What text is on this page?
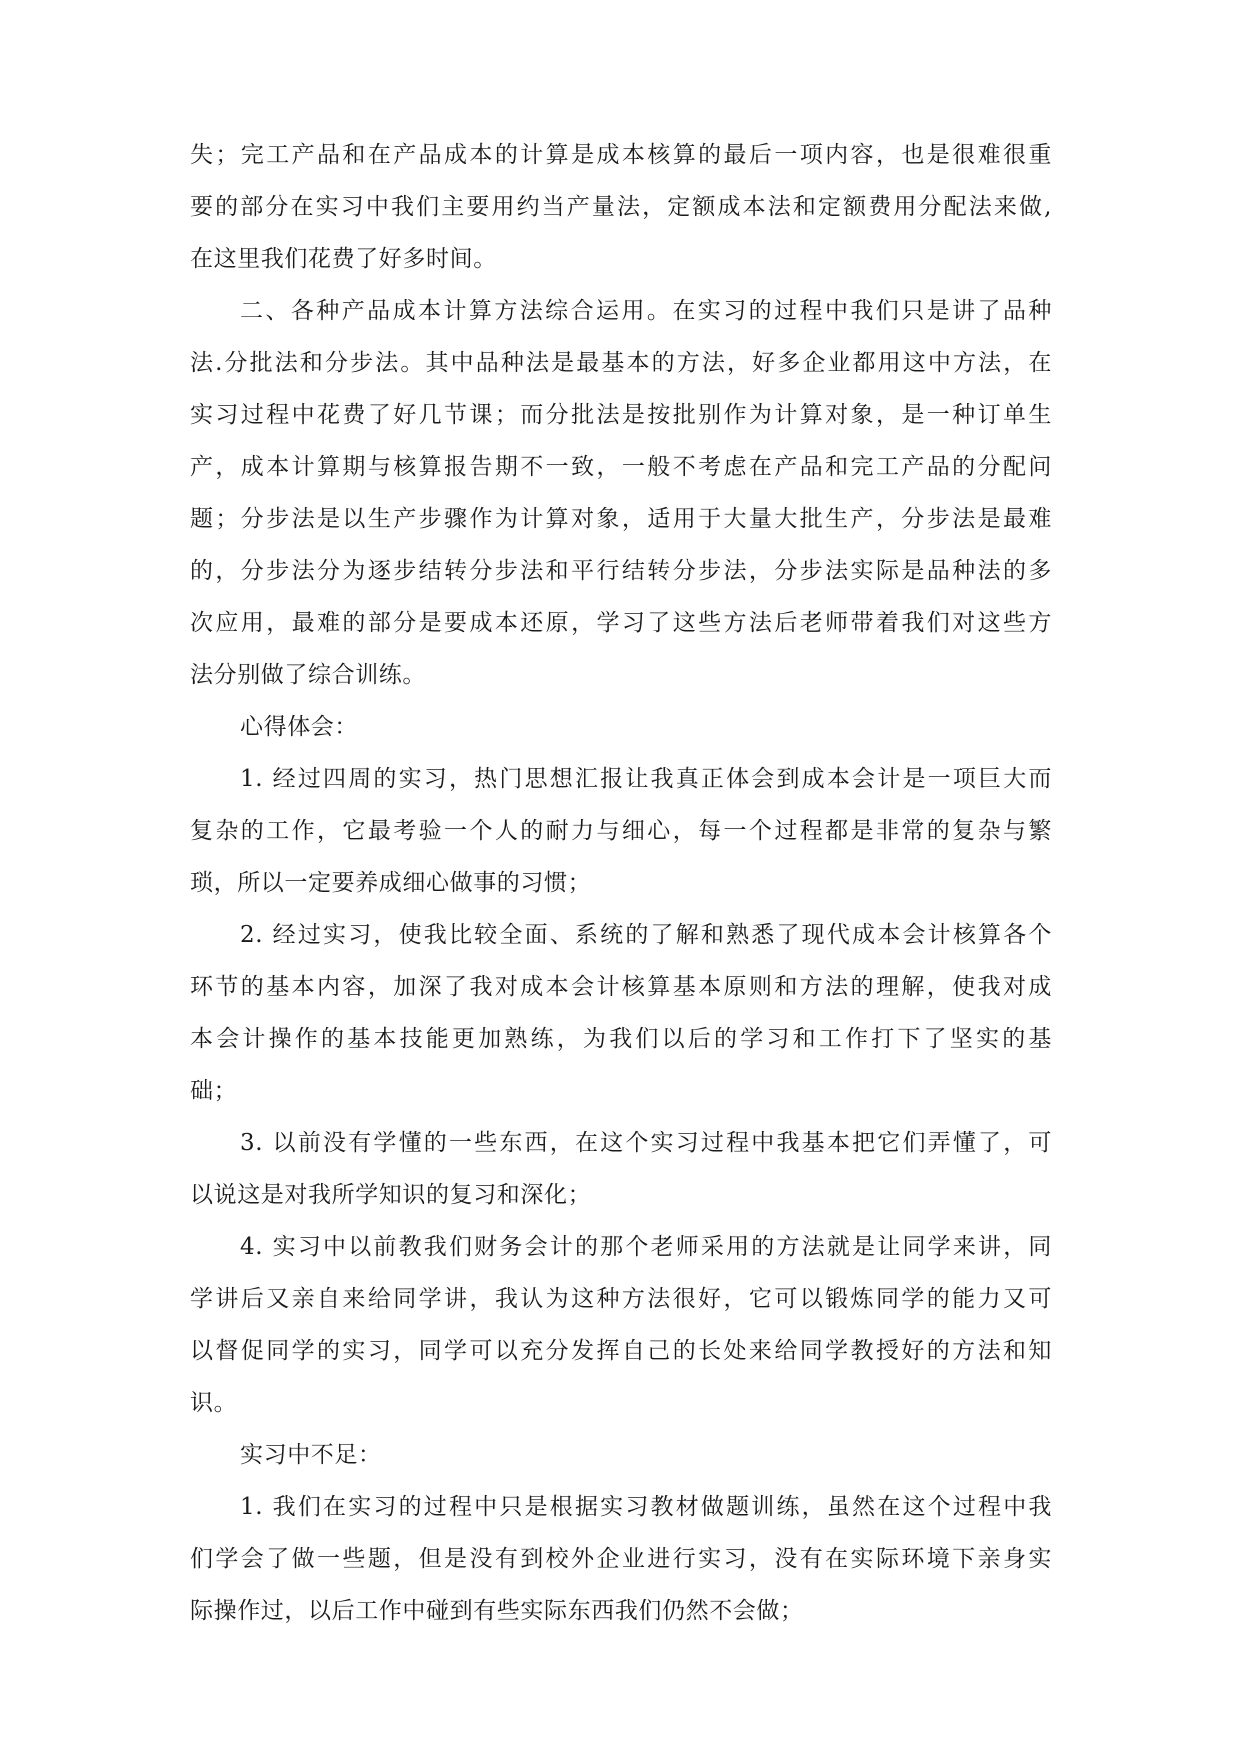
失；完工产品和在产品成本的计算是成本核算的最后一项内容，也是很难很重
要的部分在实习中我们主要用约当产量法，定额成本法和定额费用分配法来做,
在这里我们花费了好多时间。
二、各种产品成本计算方法综合运用。在实习的过程中我们只是讲了品种
法.分批法和分步法。其中品种法是最基本的方法，好多企业都用这中方法，在
实习过程中花费了好几节课；而分批法是按批别作为计算对象，是一种订单生
产，成本计算期与核算报告期不一致，一般不考虑在产品和完工产品的分配问
题；分步法是以生产步骤作为计算对象，适用于大量大批生产，分步法是最难
的，分步法分为逐步结转分步法和平行结转分步法，分步法实际是品种法的多
次应用，最难的部分是要成本还原，学习了这些方法后老师带着我们对这些方
法分别做了综合训练。
心得体会：
1. 经过四周的实习，热门思想汇报让我真正体会到成本会计是一项巨大而
复杂的工作，它最考验一个人的耐力与细心，每一个过程都是非常的复杂与繁
琐，所以一定要养成细心做事的习惯；
2. 经过实习，使我比较全面、系统的了解和熟悉了现代成本会计核算各个
环节的基本内容，加深了我对成本会计核算基本原则和方法的理解，使我对成
本会计操作的基本技能更加熟练，为我们以后的学习和工作打下了坚实的基
础；
3. 以前没有学懂的一些东西，在这个实习过程中我基本把它们弄懂了，可
以说这是对我所学知识的复习和深化；
4. 实习中以前教我们财务会计的那个老师采用的方法就是让同学来讲，同
学讲后又亲自来给同学讲，我认为这种方法很好，它可以锻炼同学的能力又可
以督促同学的实习，同学可以充分发挥自己的长处来给同学教授好的方法和知
识。
实习中不足：
1. 我们在实习的过程中只是根据实习教材做题训练，虽然在这个过程中我
们学会了做一些题，但是没有到校外企业进行实习，没有在实际环境下亲身实
际操作过，以后工作中碰到有些实际东西我们仍然不会做；
